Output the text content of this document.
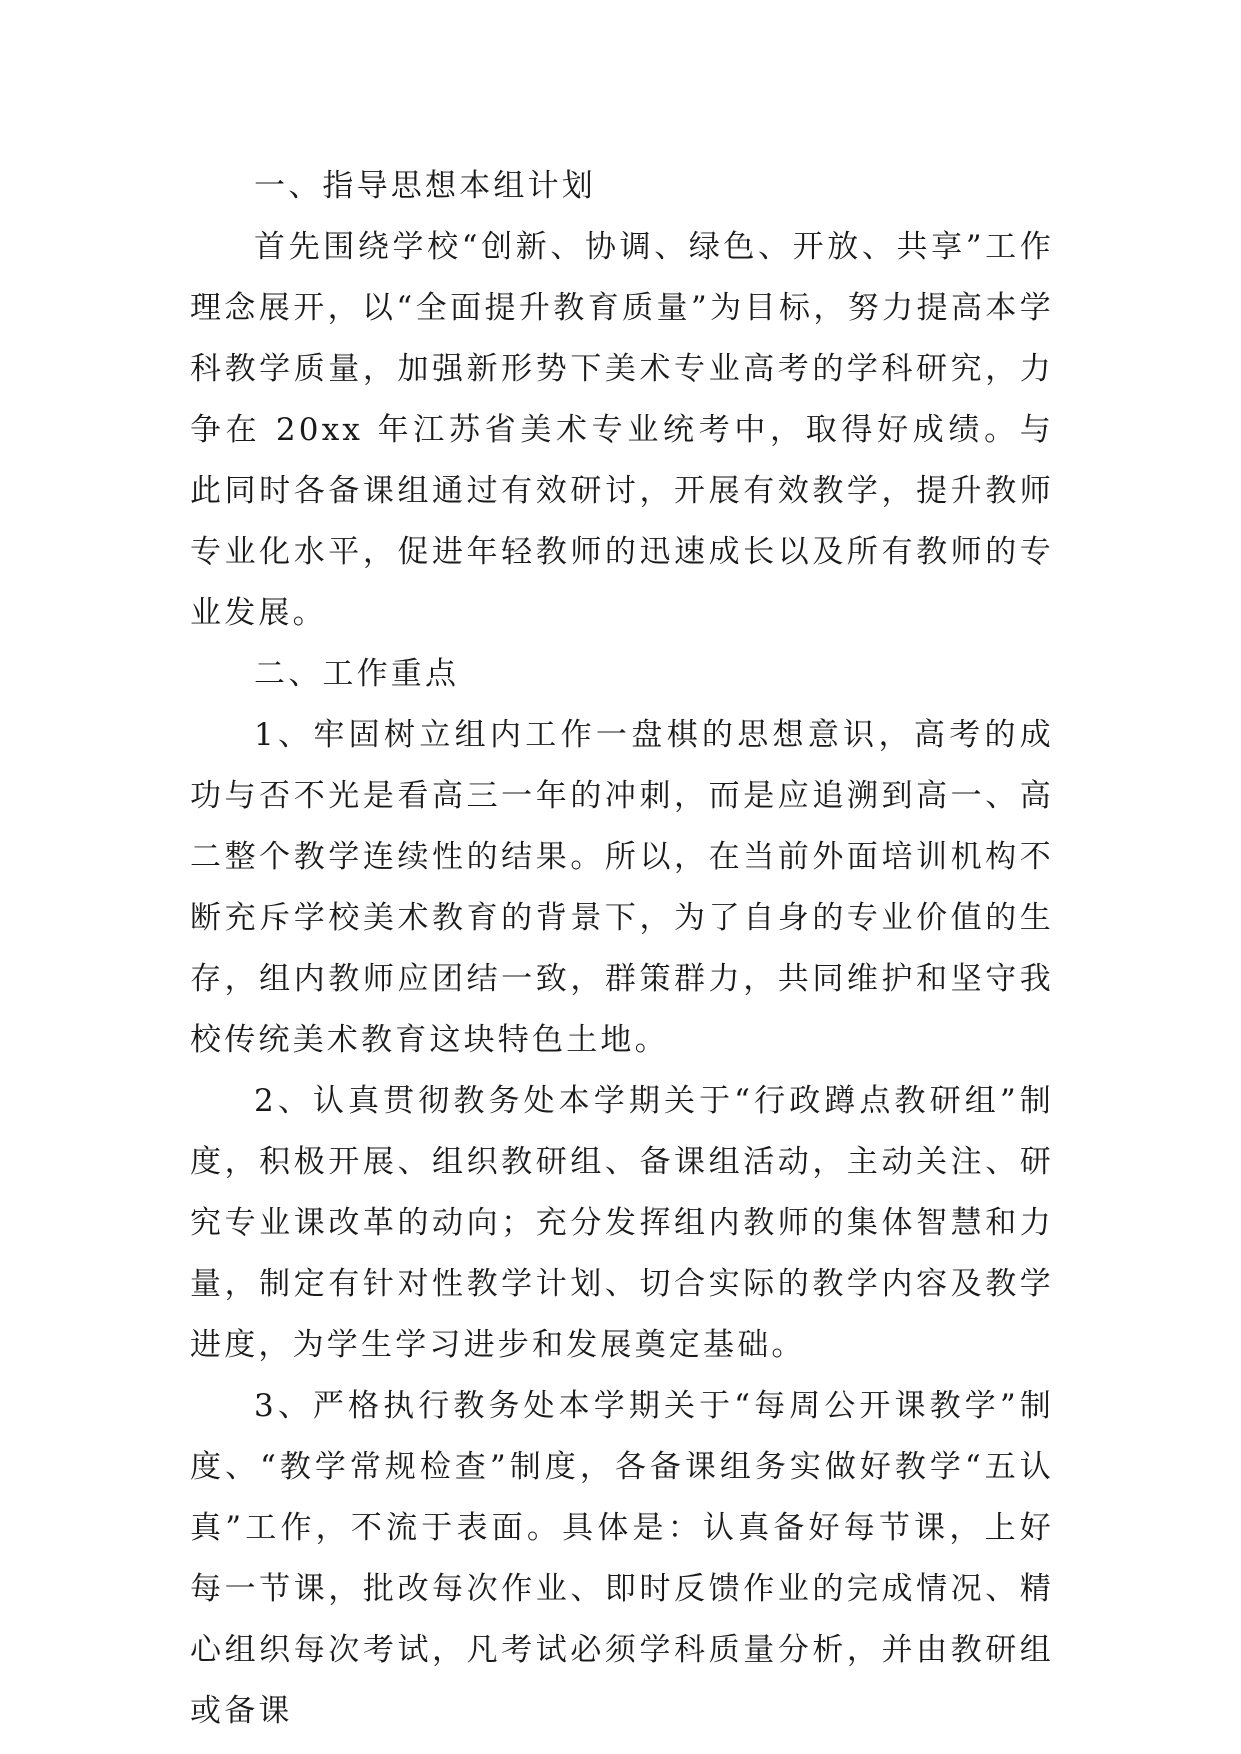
一、指导思想本组计划

首先围绕学校“创新、协调、绿色、开放、共享”工作理念展开，以“全面提升教育质量”为目标，努力提高本学科教学质量，加强新形势下美术专业高考的学科研究，力争在 20xx 年江苏省美术专业统考中，取得好成绩。与此同时各备课组通过有效研讨，开展有效教学，提升教师专业化水平，促进年轻教师的迅速成长以及所有教师的专业发展。

二、工作重点

1、牢固树立组内工作一盘棋的思想意识，高考的成功与否不光是看高三一年的冲刺，而是应追溯到高一、高二整个教学连续性的结果。所以，在当前外面培训机构不断充斥学校美术教育的背景下，为了自身的专业价值的生存，组内教师应团结一致，群策群力，共同维护和坚守我校传统美术教育这块特色土地。

2、认真贯彻教务处本学期关于“行政蹲点教研组”制度，积极开展、组织教研组、备课组活动，主动关注、研究专业课改革的动向；充分发挥组内教师的集体智慧和力量，制定有针对性教学计划、切合实际的教学内容及教学进度，为学生学习进步和发展奠定基础。

3、严格执行教务处本学期关于“每周公开课教学”制度、“教学常规检查”制度，各备课组务实做好教学“五认真”工作，不流于表面。具体是：认真备好每节课，上好每一节课，批改每次作业、即时反馈作业的完成情况、精心组织每次考试，凡考试必须学科质量分析，并由教研组或备课
